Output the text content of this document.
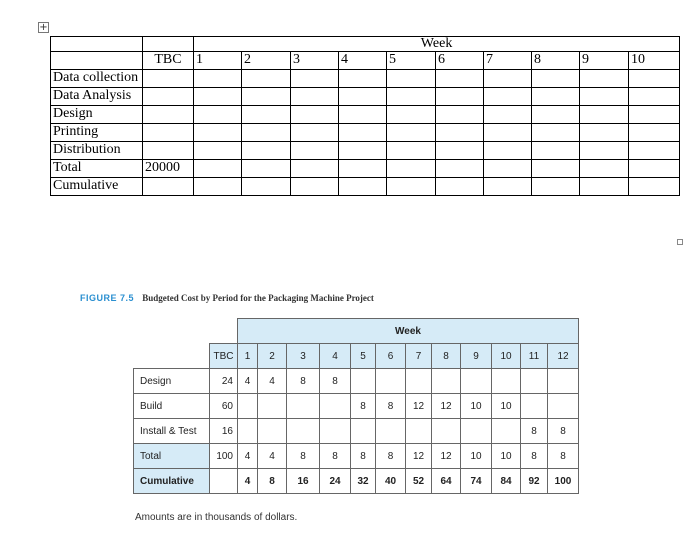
+
		Week									
	TBC	1	2	3	4	5	6	7	8	9	10
Data collection											
Data Analysis											
Design											
Printing											
Distribution											
Total	20000										
Cumulative											
FIGURE 7.5 Budgeted Cost by Period for the Packaging Machine Project
		Week											
	TBC	1	2	3	4	5	6	7	8	9	10	11	12
Design	24	4	4	8	8								
Build	60					8	8	12	12	10	10		
Install & Test	16											8	8
Total	100	4	4	8	8	8	8	12	12	10	10	8	8
Cumulative		4	8	16	24	32	40	52	64	74	84	92	100
Amounts are in thousands of dollars.
